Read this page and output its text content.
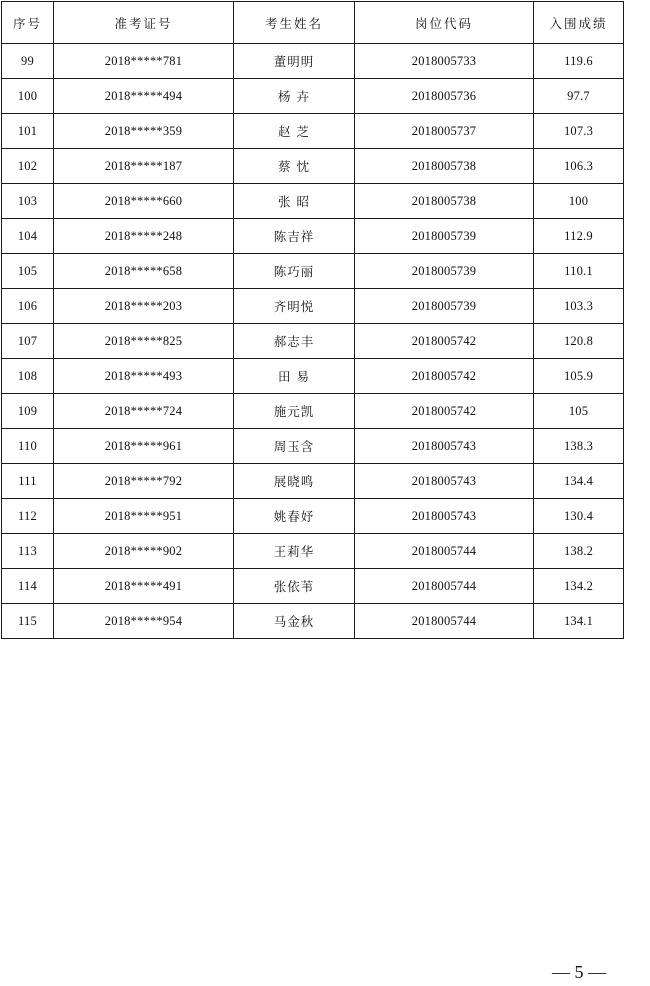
序号	准考证号	考生姓名	岗位代码	入围成绩
99	2018*****781	董明明	2018005733	119.6
100	2018*****494	杨 卉	2018005736	97.7
101	2018*****359	赵 芝	2018005737	107.3
102	2018*****187	蔡 忱	2018005738	106.3
103	2018*****660	张 昭	2018005738	100
104	2018*****248	陈吉祥	2018005739	112.9
105	2018*****658	陈巧丽	2018005739	110.1
106	2018*****203	齐明悦	2018005739	103.3
107	2018*****825	郝志丰	2018005742	120.8
108	2018*****493	田 易	2018005742	105.9
109	2018*****724	施元凯	2018005742	105
110	2018*****961	周玉含	2018005743	138.3
111	2018*****792	展晓鸣	2018005743	134.4
112	2018*****951	姚春妤	2018005743	130.4
113	2018*****902	王莉华	2018005744	138.2
114	2018*****491	张依苇	2018005744	134.2
115	2018*****954	马金秋	2018005744	134.1
— 5 —
